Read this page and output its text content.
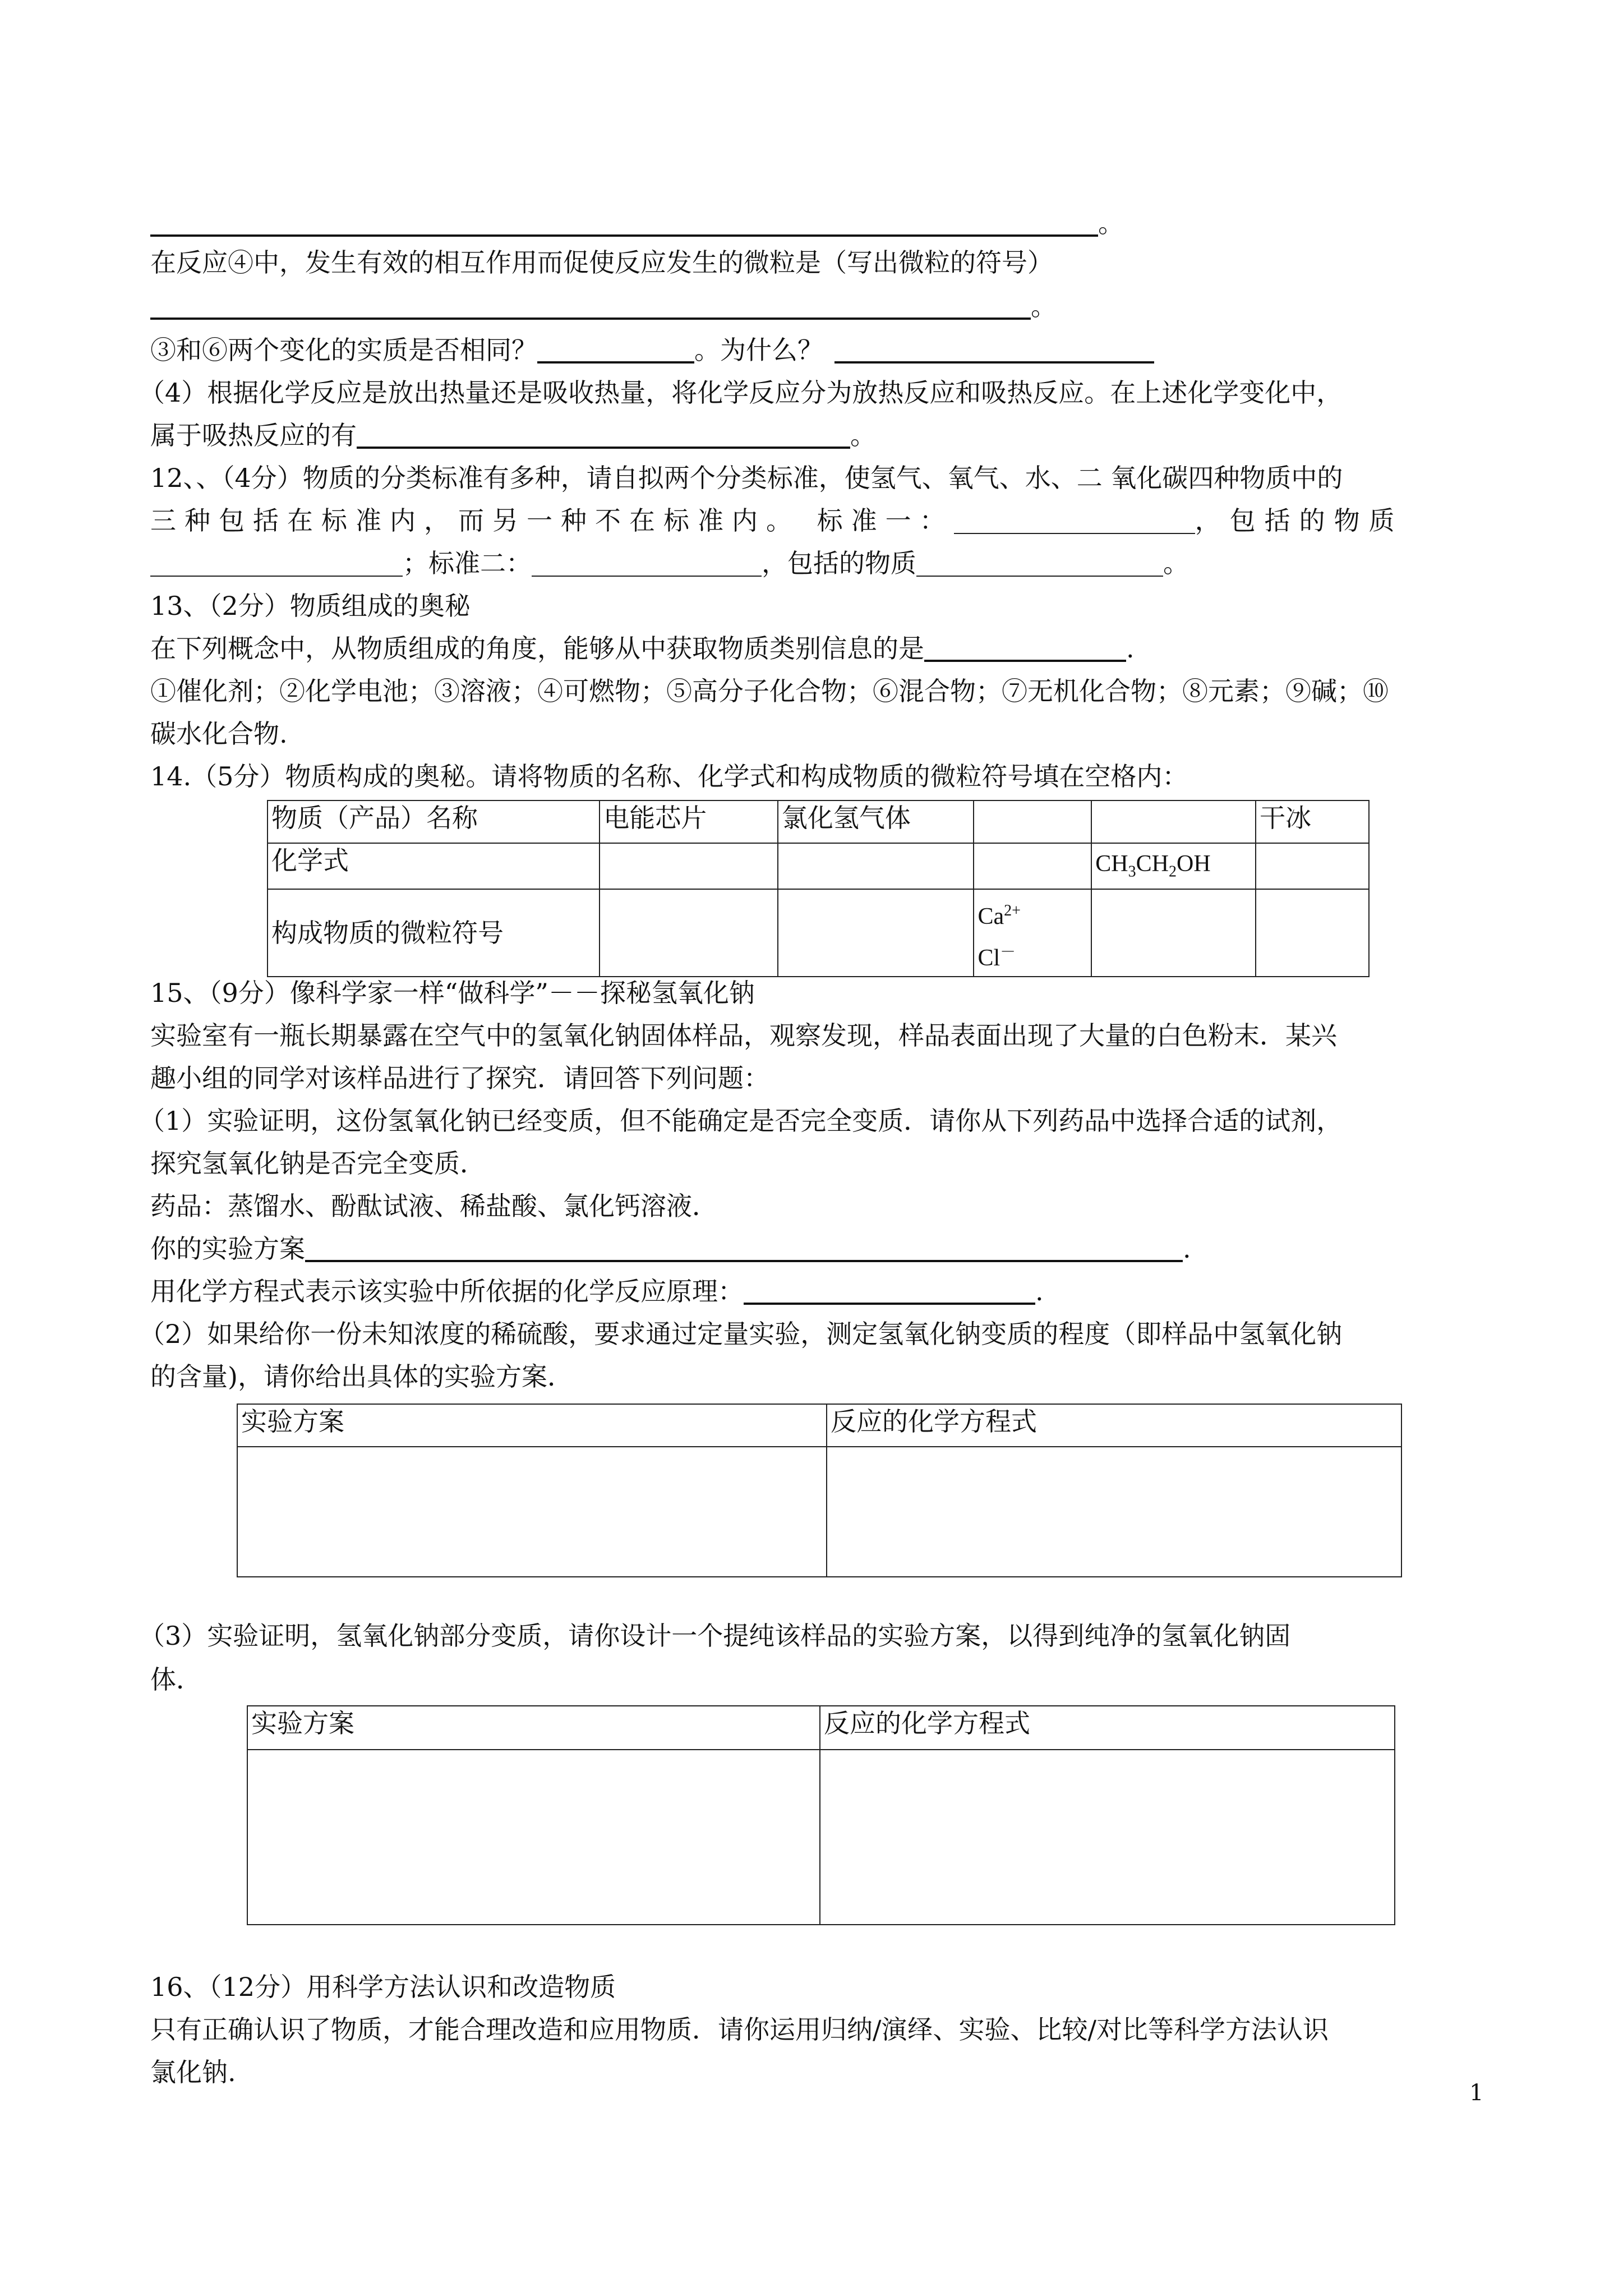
。
在反应④中，发生有效的相互作用而促使反应发生的微粒是（写出微粒的符号）
。
③和⑥两个变化的实质是否相同？	。为什么？
（4）根据化学反应是放出热量还是吸收热量，将化学反应分为放热反应和吸热反应。在上述化学变化中，
属于吸热反应的有	。
12、、（4分）物质的分类标准有多种，请自拟两个分类标准，使氢气、氧气、水、二 氧化碳四种物质中的
三种包括在标准内，而另一种不在标准内。 标准一：	，包括的物质
；标准二：	，包括的物质	。
13、（2分）物质组成的奥秘
在下列概念中，从物质组成的角度，能够从中获取物质类别信息的是	.
①催化剂；②化学电池；③溶液；④可燃物；⑤高分子化合物；⑥混合物；⑦无机化合物；⑧元素；⑨碱；⑩
碳水化合物.
14.（5分）物质构成的奥秘。请将物质的名称、化学式和构成物质的微粒符号填在空格内：
物质（产品）名称	电能芯片	氯化氢气体			干冰
化学式				$CH_3CH_2OH$	
构成物质的微粒符号			$Ca^{2+}$
Cl－

15、（9分）像科学家一样“做科学”－－探秘氢氧化钠
实验室有一瓶长期暴露在空气中的氢氧化钠固体样品，观察发现，样品表面出现了大量的白色粉末．某兴
趣小组的同学对该样品进行了探究．请回答下列问题：
（1）实验证明，这份氢氧化钠已经变质，但不能确定是否完全变质．请你从下列药品中选择合适的试剂，
探究氢氧化钠是否完全变质．
药品：蒸馏水、酚酞试液、稀盐酸、氯化钙溶液．
你的实验方案	.
用化学方程式表示该实验中所依据的化学反应原理：	.
（2）如果给你一份未知浓度的稀硫酸，要求通过定量实验，测定氢氧化钠变质的程度（即样品中氢氧化钠
的含量)，请你给出具体的实验方案．
实验方案	反应的化学方程式

（3）实验证明，氢氧化钠部分变质，请你设计一个提纯该样品的实验方案，以得到纯净的氢氧化钠固
体．
实验方案	反应的化学方程式

16、（12分）用科学方法认识和改造物质
只有正确认识了物质，才能合理改造和应用物质．请你运用归纳/演绎、实验、比较/对比等科学方法认识
氯化钠.
1
